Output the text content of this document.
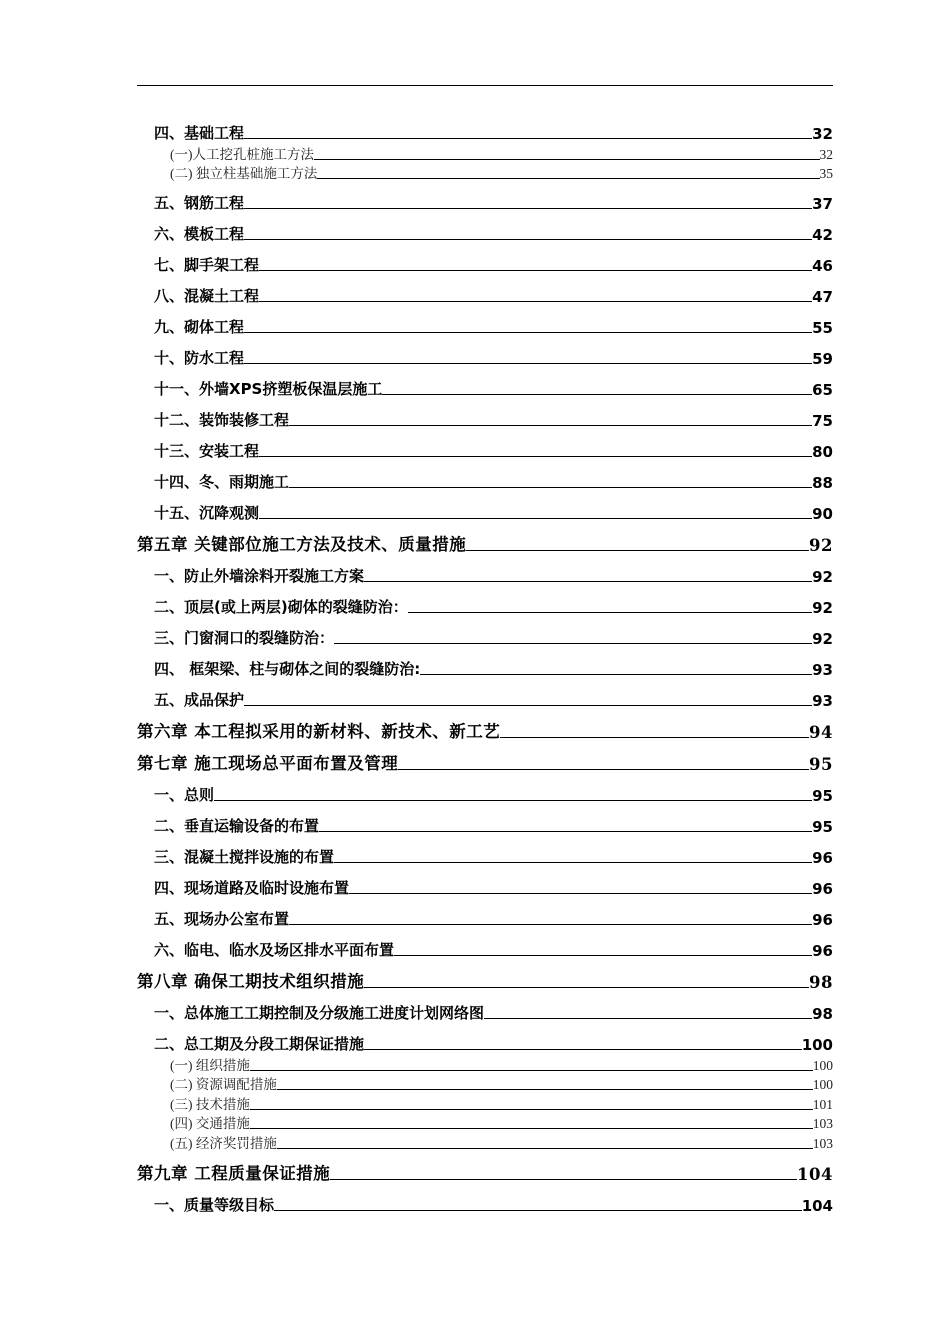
四、基础工程	32
(一)人工挖孔桩施工方法	32
(二) 独立柱基础施工方法	35
五、钢筋工程	37
六、模板工程	42
七、脚手架工程	46
八、混凝土工程	47
九、砌体工程	55
十、防水工程	59
十一、外墙XPS挤塑板保温层施工	65
十二、装饰装修工程	75
十三、安装工程	80
十四、冬、雨期施工	88
十五、沉降观测	90
第五章 关键部位施工方法及技术、质量措施	92
一、防止外墙涂料开裂施工方案	92
二、顶层(或上两层)砌体的裂缝防治：	92
三、门窗洞口的裂缝防治：	92
四、 框架梁、柱与砌体之间的裂缝防治:	93
五、成品保护	93
第六章 本工程拟采用的新材料、新技术、新工艺	94
第七章 施工现场总平面布置及管理	95
一、总则	95
二、垂直运输设备的布置	95
三、混凝土搅拌设施的布置	96
四、现场道路及临时设施布置	96
五、现场办公室布置	96
六、临电、临水及场区排水平面布置	96
第八章 确保工期技术组织措施	98
一、总体施工工期控制及分级施工进度计划网络图	98
二、总工期及分段工期保证措施	100
(一) 组织措施	100
(二) 资源调配措施	100
(三) 技术措施	101
(四) 交通措施	103
(五) 经济奖罚措施	103
第九章 工程质量保证措施	104
一、质量等级目标	104
